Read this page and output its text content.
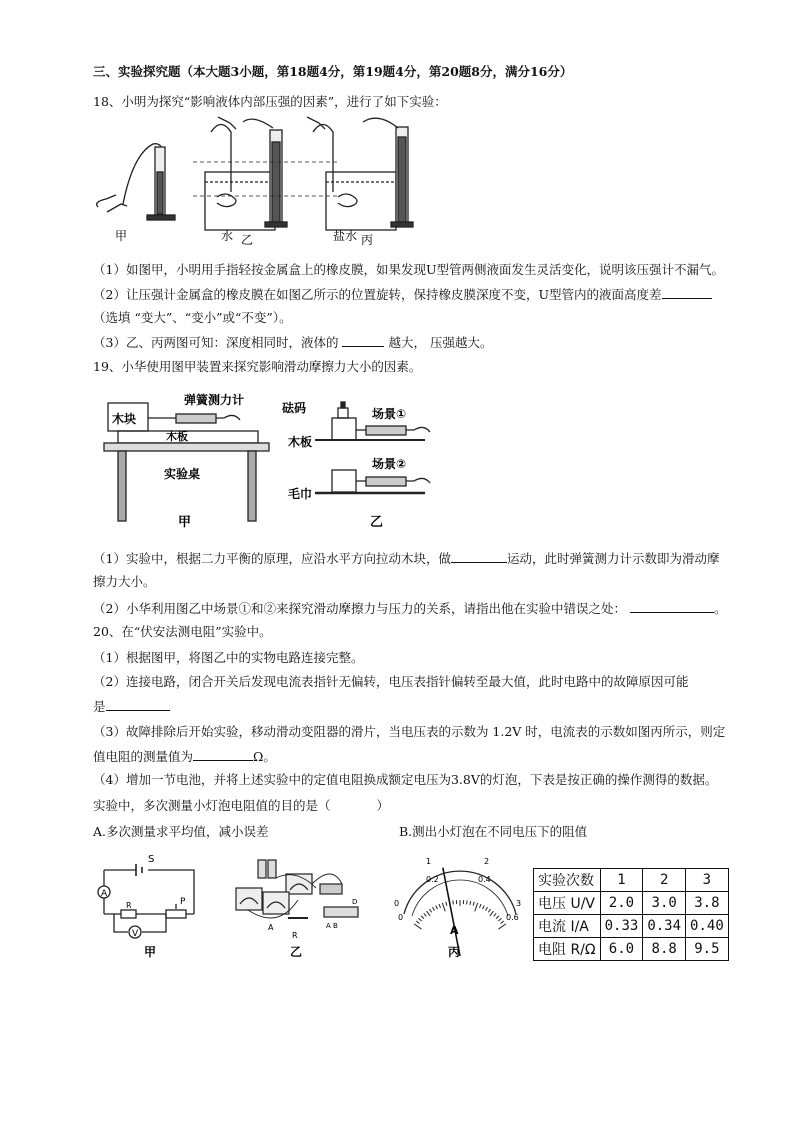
三、实验探究题（本大题3小题，第18题4分，第19题4分，第20题8分，满分16分）
18、小明为探究“影响液体内部压强的因素”，进行了如下实验：
甲	水 乙	盐水 丙
（1）如图甲，小明用手指轻按金属盒上的橡皮膜，如果发现U型管两侧液面发生灵活变化，说明该压强计不漏气。
（2）让压强计金属盒的橡皮膜在如图乙所示的位置旋转，保持橡皮膜深度不变，U型管内的液面高度差
（选填 “变大”、“变小”或“不变”）。
（3）乙、丙两图可知：深度相同时，液体的	越大， 压强越大。
19、小华使用图甲装置来探究影响滑动摩擦力大小的因素。
木块
弹簧测力计
木板
实验桌
甲
砝码	场景①
木板
场景②
毛巾
乙
（1）实验中，根据二力平衡的原理，应沿水平方向拉动木块，做	运动，此时弹簧测力计示数即为滑动摩
擦力大小。
（2）小华利用图乙中场景①和②来探究滑动摩擦力与压力的关系，请指出他在实验中错误之处：	。
20、在“伏安法测电阻”实验中。
（1）根据图甲，将图乙中的实物电路连接完整。
（2）连接电路，闭合开关后发现电流表指针无偏转，电压表指针偏转至最大值，此时电路中的故障原因可能
是
（3）故障排除后开始实验，移动滑动变阻器的滑片，当电压表的示数为 1.2V 时，电流表的示数如图丙所示，则定
值电阻的测量值为	Ω。
（4）增加一节电池，并将上述实验中的定值电阻换成额定电压为3.8V的灯泡，下表是按正确的操作测得的数据。
实验中，多次测量小灯泡电阻值的目的是（	）
A.多次测量求平均值，减小误差	B.测出小灯泡在不同电压下的阻值
S
A
V
R	P
甲
A	A B
D
R
乙
0
0.2	0.4
0.6
0
1	2
3
A
丙
实验次数	1	2	3
电压 U/V	2.0	3.0	3.8
电流 I/A	0.33	0.34	0.40
电阻 R/Ω	6.0	8.8	9.5
